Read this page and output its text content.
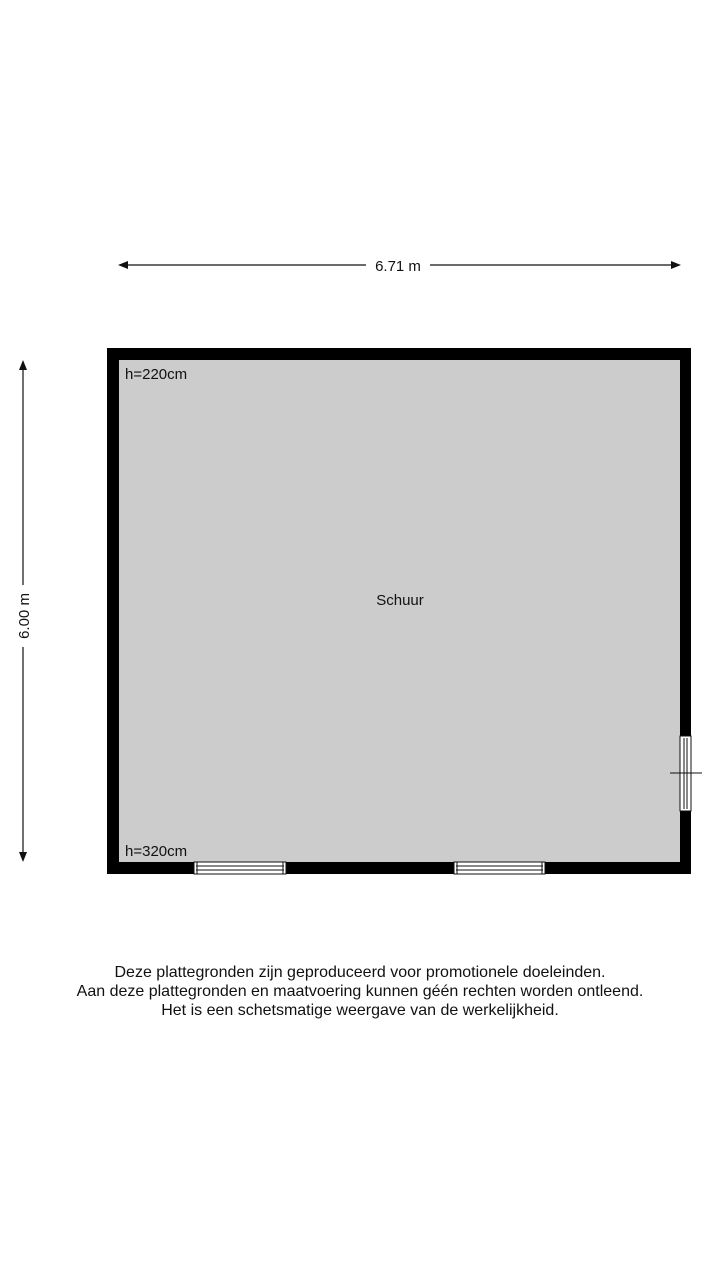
6.71 m
6.00 m	Schuur
h=220cm
h=320cm

Deze plattegronden zijn geproduceerd voor promotionele doeleinden.

Aan deze plattegronden en maatvoering kunnen géén rechten worden ontleend.

Het is een schetsmatige weergave van de werkelijkheid.
